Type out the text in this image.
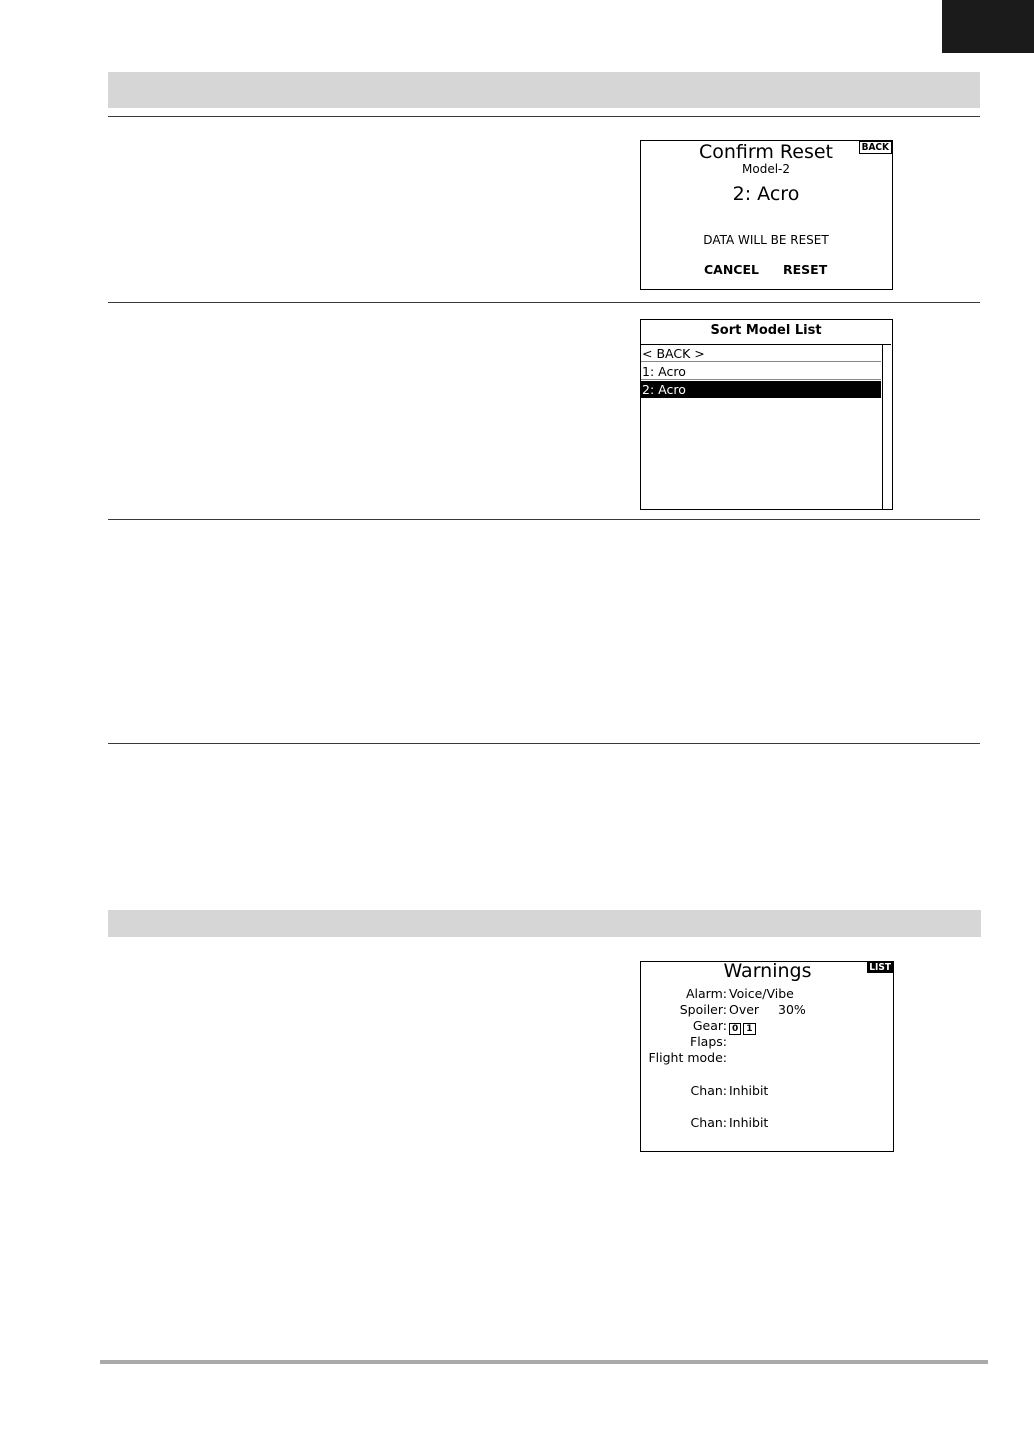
Confirm Reset	BACK
Model-2
2: Acro
DATA WILL BE RESET
CANCEL RESET
Sort Model List
< BACK >
1: Acro
2: Acro
Warnings	LIST
Alarm: Voice/Vibe
Spoiler: Over 30%
Gear: 0 1
Flaps:
Flight mode:
Chan: Inhibit
Chan: Inhibit
